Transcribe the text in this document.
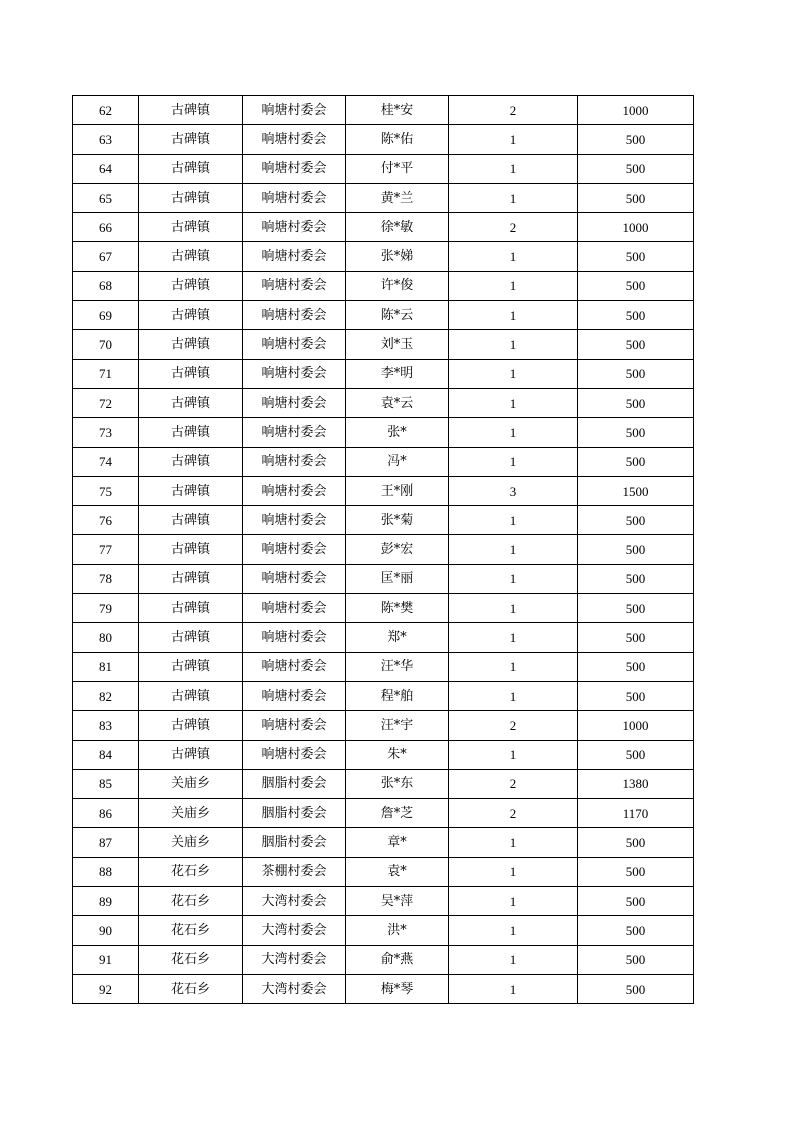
62	古碑镇	响塘村委会	桂*安	2	1000
63	古碑镇	响塘村委会	陈*佑	1	500
64	古碑镇	响塘村委会	付*平	1	500
65	古碑镇	响塘村委会	黄*兰	1	500
66	古碑镇	响塘村委会	徐*敏	2	1000
67	古碑镇	响塘村委会	张*娣	1	500
68	古碑镇	响塘村委会	许*俊	1	500
69	古碑镇	响塘村委会	陈*云	1	500
70	古碑镇	响塘村委会	刘*玉	1	500
71	古碑镇	响塘村委会	李*明	1	500
72	古碑镇	响塘村委会	袁*云	1	500
73	古碑镇	响塘村委会	张*	1	500
74	古碑镇	响塘村委会	冯*	1	500
75	古碑镇	响塘村委会	王*刚	3	1500
76	古碑镇	响塘村委会	张*菊	1	500
77	古碑镇	响塘村委会	彭*宏	1	500
78	古碑镇	响塘村委会	匡*丽	1	500
79	古碑镇	响塘村委会	陈*樊	1	500
80	古碑镇	响塘村委会	郑*	1	500
81	古碑镇	响塘村委会	汪*华	1	500
82	古碑镇	响塘村委会	程*舶	1	500
83	古碑镇	响塘村委会	汪*宇	2	1000
84	古碑镇	响塘村委会	朱*	1	500
85	关庙乡	胭脂村委会	张*东	2	1380
86	关庙乡	胭脂村委会	詹*芝	2	1170
87	关庙乡	胭脂村委会	章*	1	500
88	花石乡	茶棚村委会	袁*	1	500
89	花石乡	大湾村委会	吴*萍	1	500
90	花石乡	大湾村委会	洪*	1	500
91	花石乡	大湾村委会	俞*燕	1	500
92	花石乡	大湾村委会	梅*琴	1	500
